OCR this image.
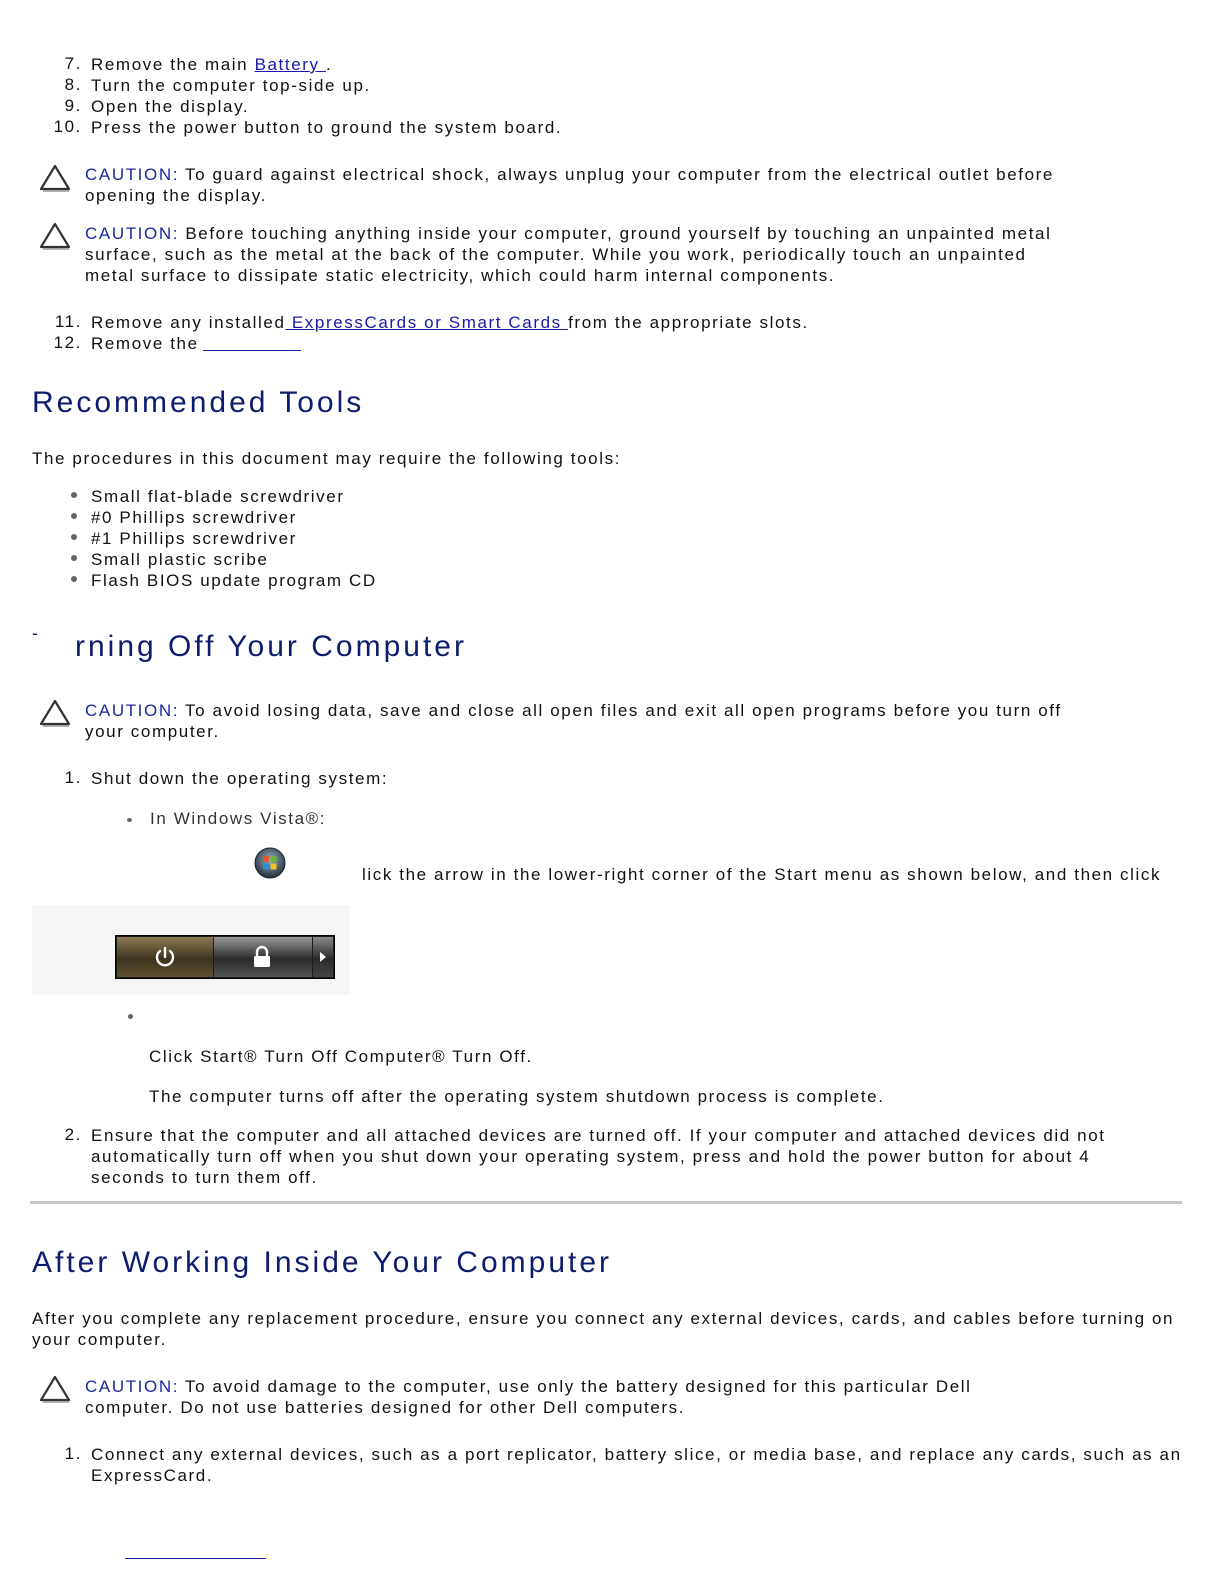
7. Remove the main Battery .
8. Turn the computer top-side up.
9. Open the display.
10. Press the power button to ground the system board.
CAUTION: To guard against electrical shock, always unplug your computer from the electrical outlet before
opening the display.
CAUTION: Before touching anything inside your computer, ground yourself by touching an unpainted metal
surface, such as the metal at the back of the computer. While you work, periodically touch an unpainted
metal surface to dissipate static electricity, which could harm internal components.
11. Remove any installed ExpressCards or Smart Cards from the appropriate slots.
12. Remove the
Recommended Tools
The procedures in this document may require the following tools:
Small flat-blade screwdriver
#0 Phillips screwdriver
#1 Phillips screwdriver
Small plastic scribe
Flash BIOS update program CD
- rning Off Your Computer
CAUTION: To avoid losing data, save and close all open files and exit all open programs before you turn off
your computer.
1. Shut down the operating system:
In Windows Vista®:
lick the arrow in the lower-right corner of the Start menu as shown below, and then click
Click Start® Turn Off Computer® Turn Off.
The computer turns off after the operating system shutdown process is complete.
2. Ensure that the computer and all attached devices are turned off. If your computer and attached devices did not
automatically turn off when you shut down your operating system, press and hold the power button for about 4
seconds to turn them off.
After Working Inside Your Computer
After you complete any replacement procedure, ensure you connect any external devices, cards, and cables before turning on
your computer.
CAUTION: To avoid damage to the computer, use only the battery designed for this particular Dell
computer. Do not use batteries designed for other Dell computers.
1. Connect any external devices, such as a port replicator, battery slice, or media base, and replace any cards, such as an
ExpressCard.
